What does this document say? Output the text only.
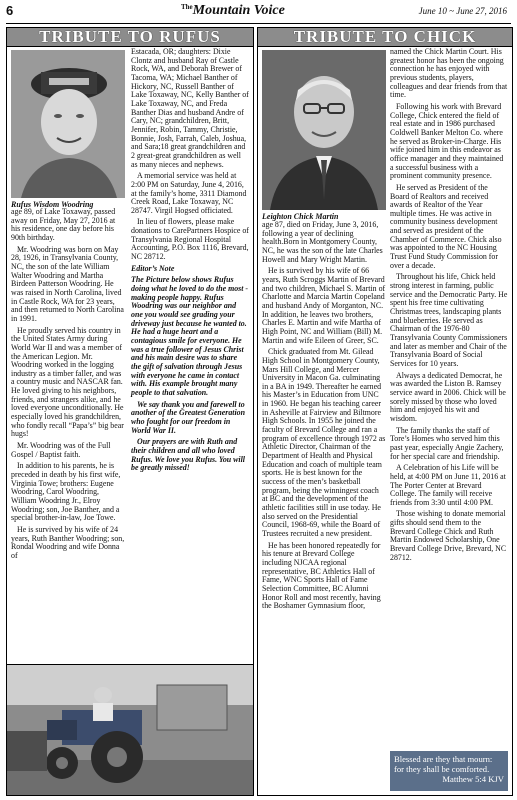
6	$^{The}$Mountain Voice	June 10 ~ June 27, 2016
TRIBUTE TO RUFUS
Rufus Wisdom Woodring

age 89, of Lake Toxaway, passed away on Friday, May 27, 2016 at his residence, one day before his 90th birthday.

Mr. Woodring was born on May 28, 1926, in Transylvania County, NC, the son of the late William Walter Woodring and Martha Birdeen Patterson Woodring. He was raised in North Carolina, lived in Castle Rock, WA for 23 years, and then returned to North Carolina in 1991.

He proudly served his country in the United States Army during World War II and was a member of the American Legion. Mr. Woodring worked in the logging industry as a timber faller, and was a country music and NASCAR fan. He loved giving to his neighbors, friends, and strangers alike, and he loved everyone unconditionally. He especially loved his grandchildren, who fondly recall “Papa’s” big bear hugs!

Mr. Woodring was of the Full Gospel / Baptist faith.

In addition to his parents, he is preceded in death by his first wife, Virginia Towe; brothers: Eugene Woodring, Carol Woodring, William Woodring Jr., Elroy Woodring; son, Joe Banther, and a special brother-in-law, Joe Towe.

He is survived by his wife of 24 years, Ruth Banther Woodring; son, Rondal Woodring and wife Donna of

Estacada, OR; daughters: Dixie Clontz and husband Ray of Castle Rock, WA, and Deborah Brewer of Tacoma, WA; Michael Banther of Hickory, NC, Russell Banther of Lake Toxaway, NC, Kelly Banther of Lake Toxaway, NC, and Freda Banther Dias and husband Andre of Cary, NC; grandchildren, Britt, Jennifer, Robin, Tammy, Christie, Bonnie, Josh, Farrah, Caleb, Joshua, and Sara;18 great grandchildren and 2 great-great grandchildren as well as many nieces and nephews.

A memorial service was held at 2:00 PM on Saturday, June 4, 2016, at the family’s home, 3311 Diamond Creek Road, Lake Toxaway, NC 28747. Virgil Hogsed officiated.

In lieu of flowers, please make donations to CarePartners Hospice of Transylvania Regional Hospital Accounting, P.O. Box 1116, Brevard, NC 28712.

Editor’s Note

The Picture below shows Rufus doing what he loved to do the most - making people happy. Rufus Woodring was our neighbor and one you would see grading your driveway just because he wanted to. He had a huge heart and a contagious smile for everyone. He was a true follower of Jesus Christ and his main desire was to share the gift of salvation through Jesus with everyone he came in contact with. His example brought many people to that salvation.

We say thank you and farewell to another of the Greatest Generation who fought for our freedom in World War II.

Our prayers are with Ruth and their children and all who loved Rufus. We love you Rufus. You will be greatly missed!

TRIBUTE TO CHICK
Leighton Chick Martin

age 87, died on Friday, June 3, 2016, following a year of declining health.Born in Montgomery County, NC, he was the son of the late Charles Howell and Mary Wright Martin.

He is survived by his wife of 66 years, Ruth Scroggs Martin of Brevard and two children, Michael S. Martin of Charlotte and Marcia Martin Copeland and husband Andy of Morganton, NC. In addition, he leaves two brothers, Charles E. Martin and wife Martha of High Point, NC and William (Bill) M. Martin and wife Eileen of Greer, SC.

Chick graduated from Mt. Gilead High School in Montgomery County, Mars Hill College, and Mercer University in Macon Ga. culminating in a BA in 1949. Thereafter he earned his Master’s in Education from UNC in 1960. He began his teaching career in Asheville at Fairview and Biltmore High Schools. In 1955 he joined the faculty of Brevard College and ran a program of excellence through 1972 as Athletic Director, Chairman of the Department of Health and Physical Education and coach of multiple team sports. He is best known for the success of the men’s basketball program, being the winningest coach at BC and the development of the athletic facilities still in use today. He also served on the Presidential Council, 1968-69, while the Board of Trustees recruited a new president.

He has been honored repeatedly for his tenure at Brevard College including NJCAA regional representative, BC Athletics Hall of Fame, WNC Sports Hall of Fame Selection Committee, BC Alumni Honor Roll and most recently, having the Boshamer Gymnasium floor,

named the Chick Martin Court. His greatest honor has been the ongoing connection he has enjoyed with previous students, players, colleagues and dear friends from that time.

Following his work with Brevard College, Chick entered the field of real estate and in 1986 purchased Coldwell Banker Melton Co. where he served as Broker-in-Charge. His wife joined him in this endeavor as office manager and they maintained a successful business with a prominent community presence.

He served as President of the Board of Realtors and received awards of Realtor of the Year multiple times. He was active in community business development and served as president of the Chamber of Commerce. Chick also was appointed to the NC Housing Trust Fund Study Commission for over a decade.

Throughout his life, Chick held strong interest in farming, public service and the Democratic Party. He spent his free time cultivating Christmas trees, landscaping plants and blueberries. He served as Chairman of the 1976-80 Transylvania County Commissioners and later as member and Chair of the Transylvania Board of Social Services for 10 years.

Always a dedicated Democrat, he was awarded the Liston B. Ramsey service award in 2006. Chick will be sorely missed by those who loved him and enjoyed his wit and wisdom.

The family thanks the staff of Tore’s Homes who served him this past year, especially Angie Zachery, for her special care and friendship.

A Celebration of his Life will be held, at 4:00 PM on June 11, 2016 at The Porter Center at Brevard College. The family will receive friends from 3:30 until 4:00 PM.

Those wishing to donate memorial gifts should send them to the Brevard College Chick and Ruth Martin Endowed Scholarship, One Brevard College Drive, Brevard, NC 28712.

Blessed are they that mourn: for they shall be comforted.
Matthew 5:4 KJV
